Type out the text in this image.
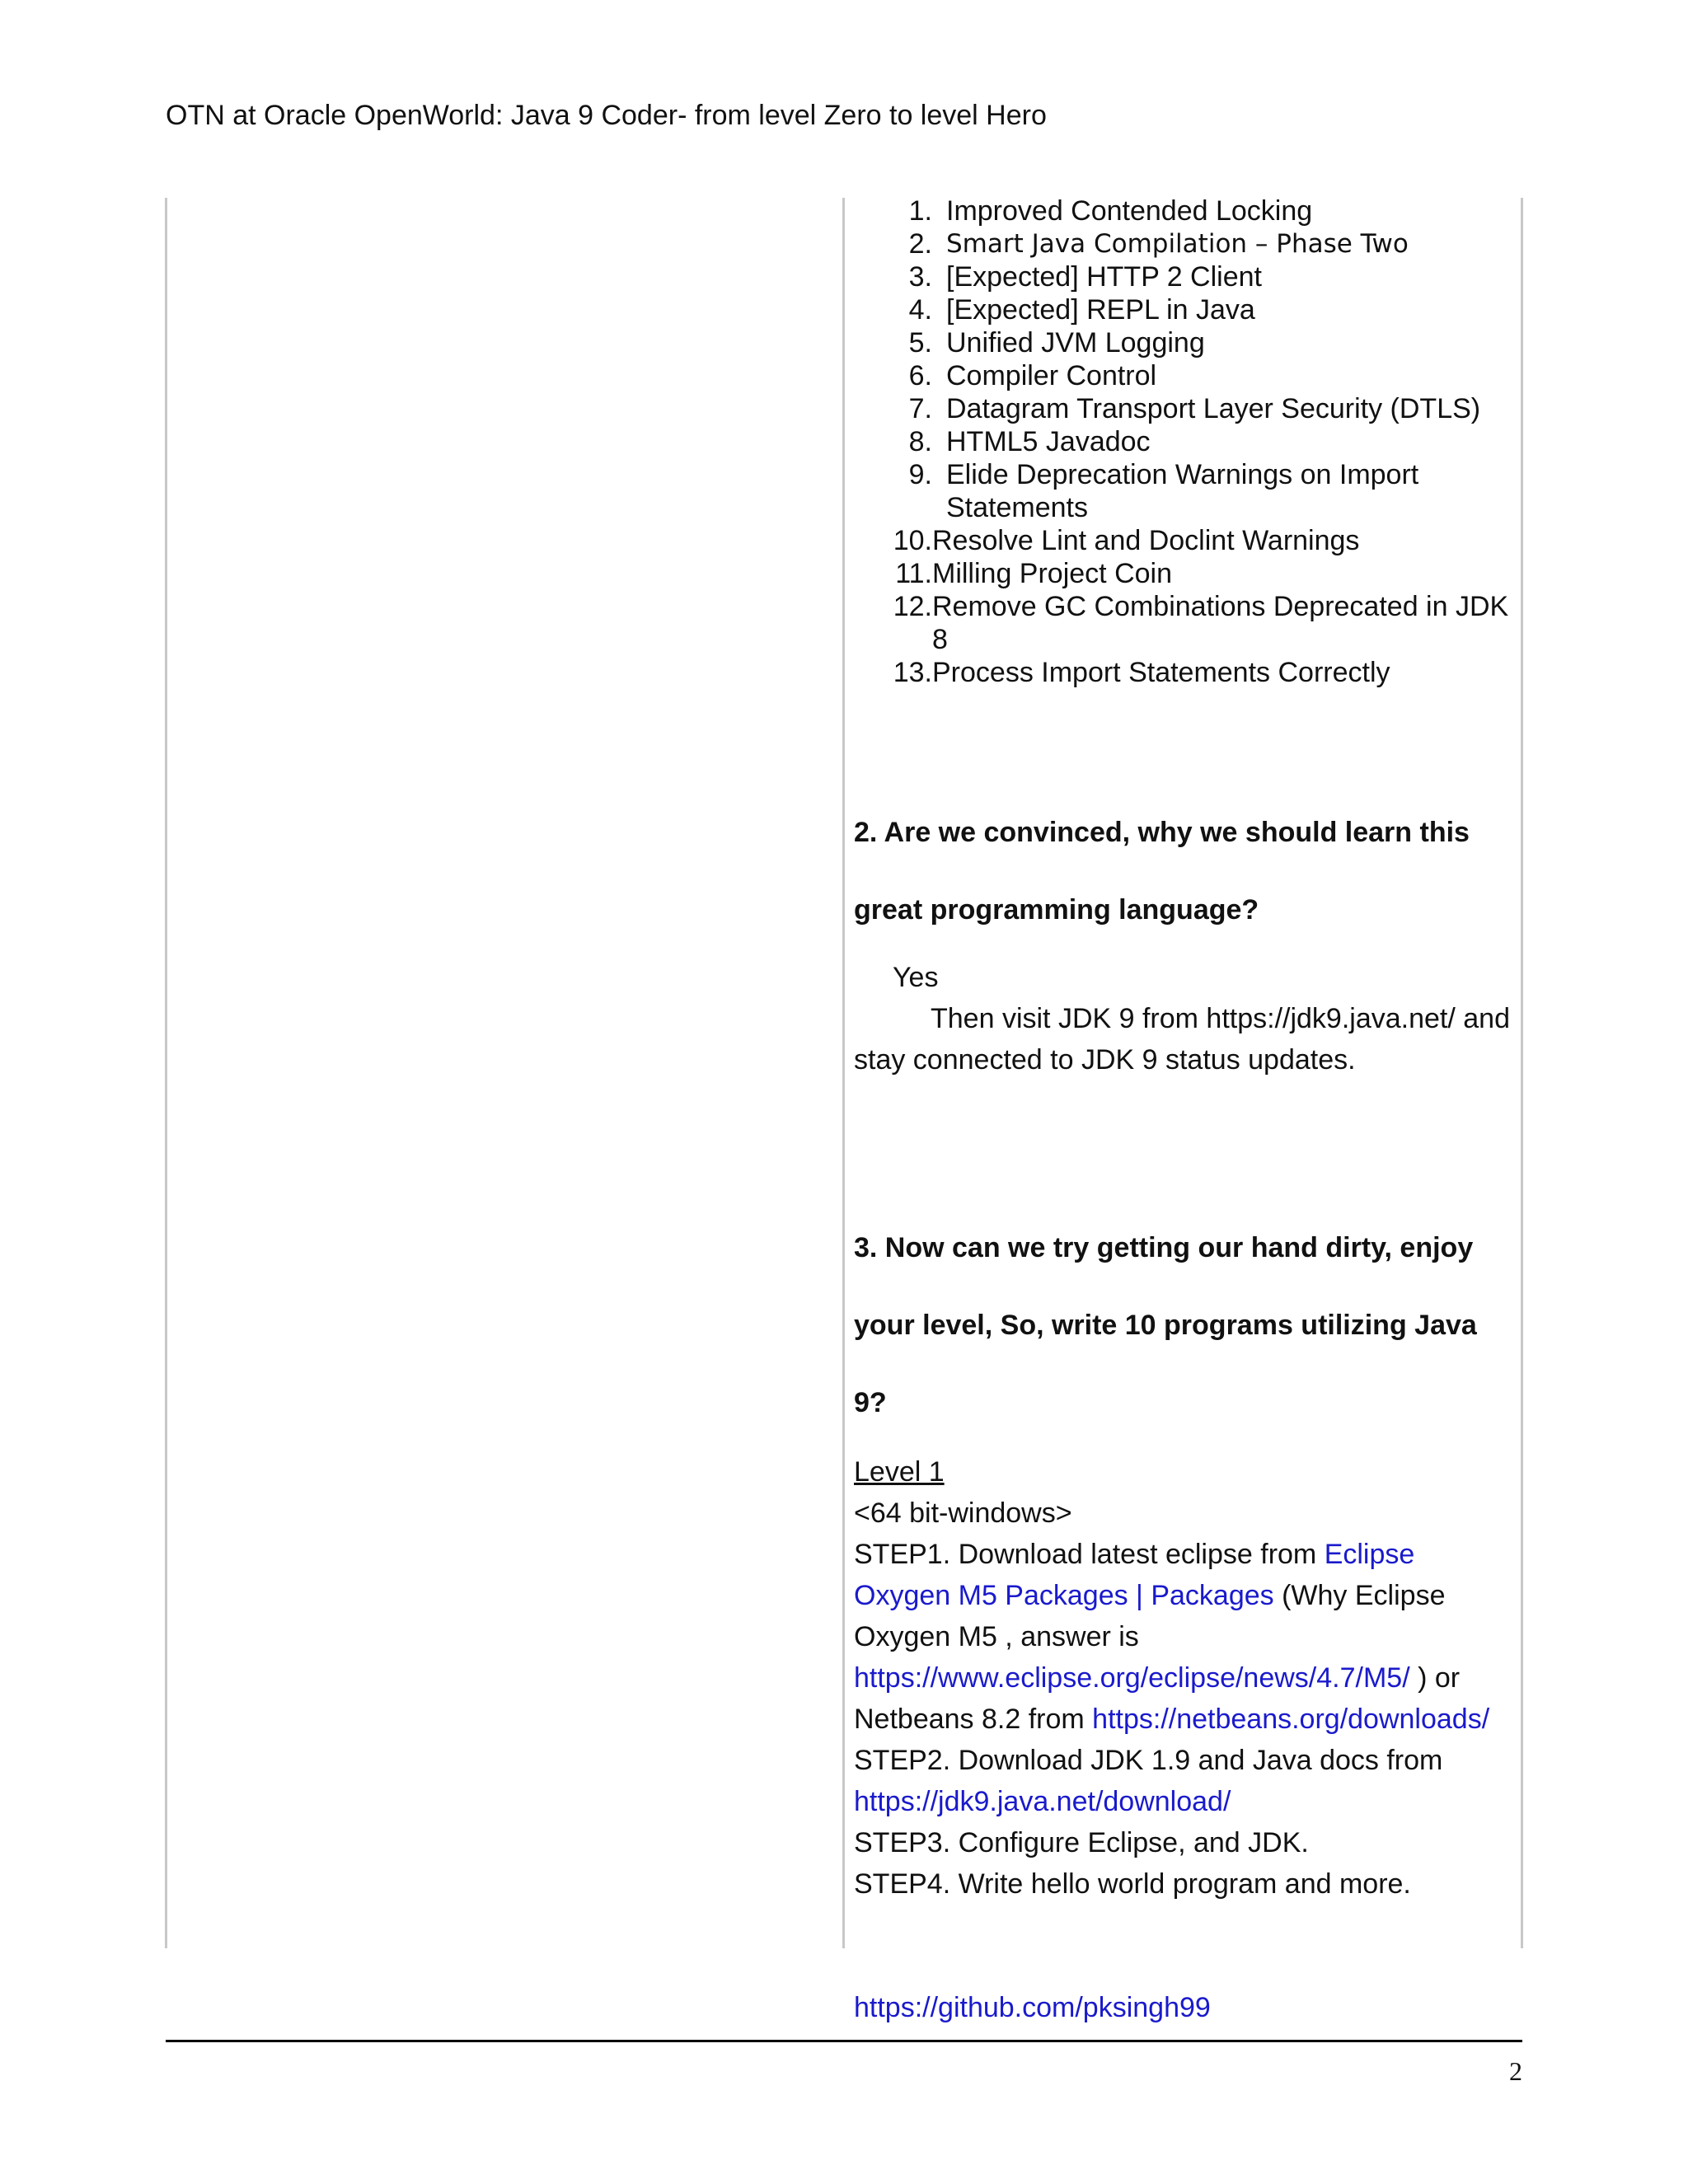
OTN at Oracle OpenWorld: Java 9 Coder- from level Zero to level Hero
1. Improved Contended Locking
2. Smart Java Compilation – Phase Two
3. [Expected] HTTP 2 Client
4. [Expected] REPL in Java
5. Unified JVM Logging
6. Compiler Control
7. Datagram Transport Layer Security (DTLS)
8. HTML5 Javadoc
9. Elide Deprecation Warnings on Import Statements
10. Resolve Lint and Doclint Warnings
11. Milling Project Coin
12. Remove GC Combinations Deprecated in JDK 8
13. Process Import Statements Correctly

2. Are we convinced, why we should learn this
great programming language?

Yes
Then visit JDK 9 from https://jdk9.java.net/ and stay connected to JDK 9 status updates.

3. Now can we try getting our hand dirty, enjoy
your level, So, write 10 programs utilizing Java 9?

Level 1
<64 bit-windows>
STEP1. Download latest eclipse from Eclipse Oxygen M5 Packages | Packages (Why Eclipse Oxygen M5 , answer is https://www.eclipse.org/eclipse/news/4.7/M5/ ) or Netbeans 8.2 from https://netbeans.org/downloads/
STEP2. Download JDK 1.9 and Java docs from https://jdk9.java.net/download/
STEP3. Configure Eclipse, and JDK.
STEP4. Write hello world program and more.
https://github.com/pksingh99
2
